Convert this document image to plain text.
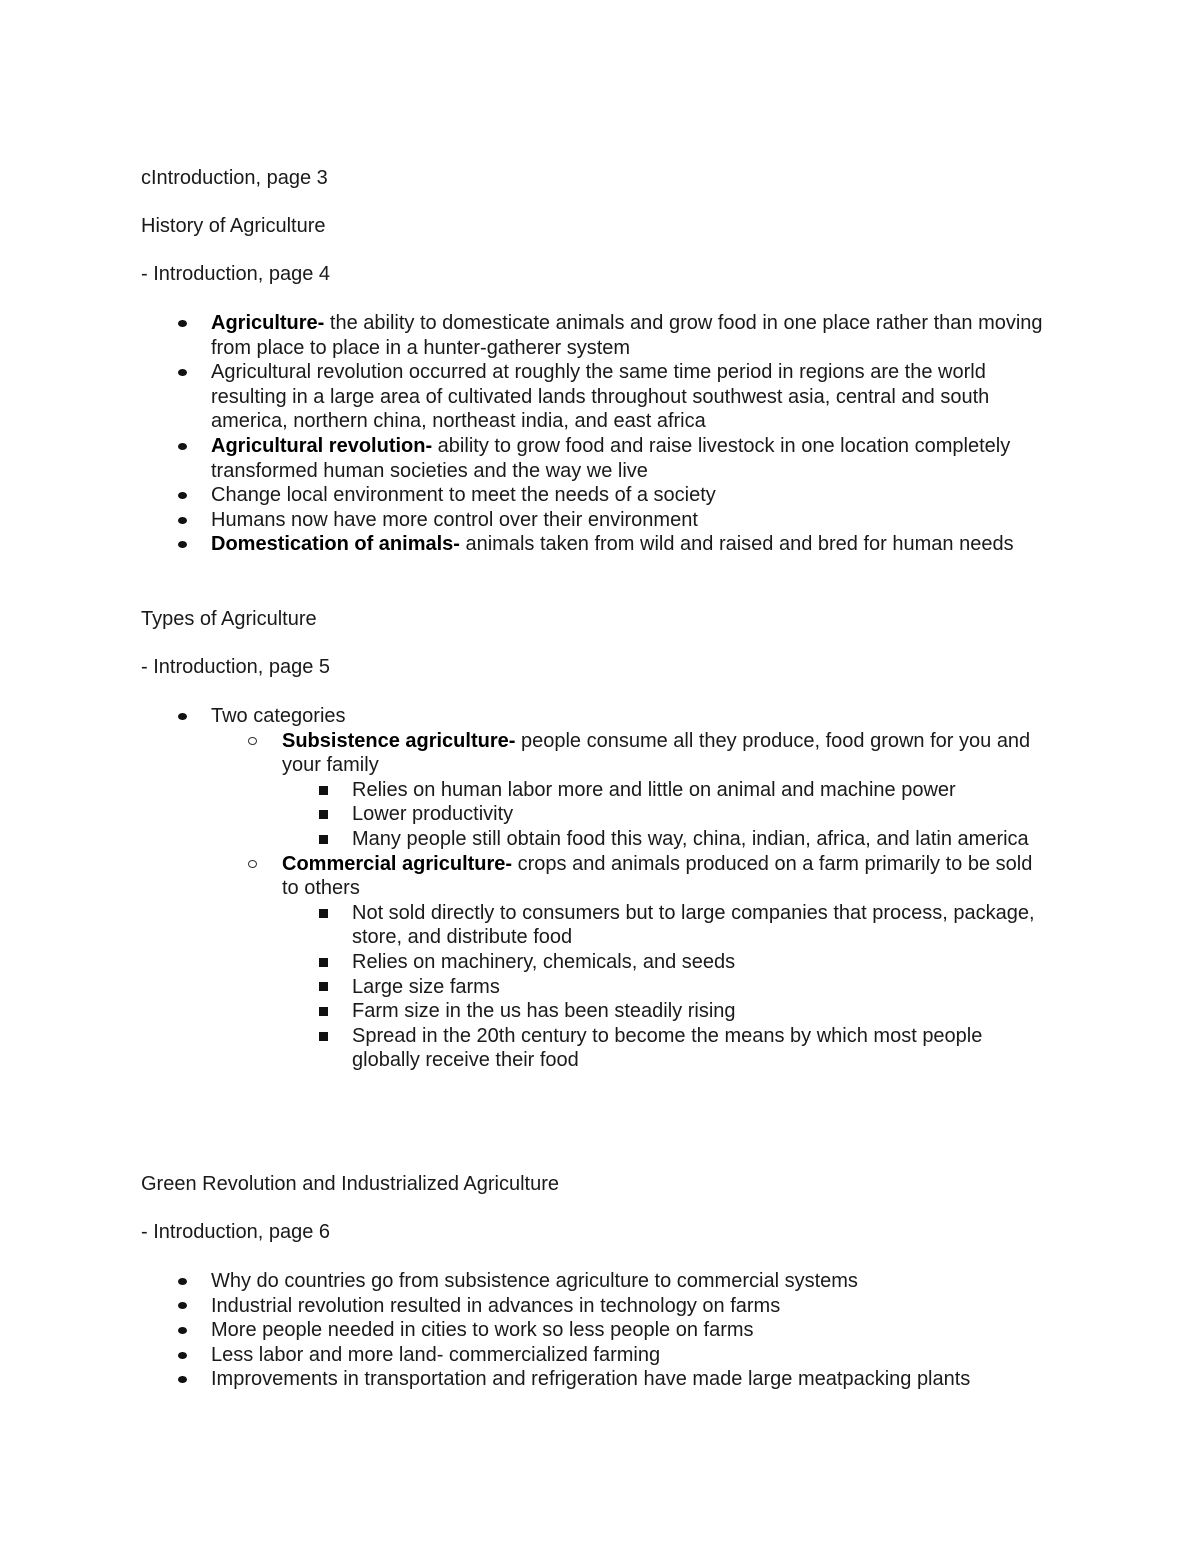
cIntroduction, page 3

History of Agriculture

- Introduction, page 4

Agriculture- the ability to domesticate animals and grow food in one place rather than moving from place to place in a hunter-gatherer system
Agricultural revolution occurred at roughly the same time period in regions are the world resulting in a large area of cultivated lands throughout southwest asia, central and south america, northern china, northeast india, and east africa
Agricultural revolution- ability to grow food and raise livestock in one location completely transformed human societies and the way we live
Change local environment to meet the needs of a society
Humans now have more control over their environment
Domestication of animals- animals taken from wild and raised and bred for human needs

Types of Agriculture

- Introduction, page 5

Two categories
Subsistence agriculture- people consume all they produce, food grown for you and your family
Relies on human labor more and little on animal and machine power
Lower productivity
Many people still obtain food this way, china, indian, africa, and latin america
Commercial agriculture- crops and animals produced on a farm primarily to be sold to others
Not sold directly to consumers but to large companies that process, package, store, and distribute food
Relies on machinery, chemicals, and seeds
Large size farms
Farm size in the us has been steadily rising
Spread in the 20th century to become the means by which most people globally receive their food

Green Revolution and Industrialized Agriculture

- Introduction, page 6

Why do countries go from subsistence agriculture to commercial systems
Industrial revolution resulted in advances in technology on farms
More people needed in cities to work so less people on farms
Less labor and more land- commercialized farming
Improvements in transportation and refrigeration have made large meatpacking plants
